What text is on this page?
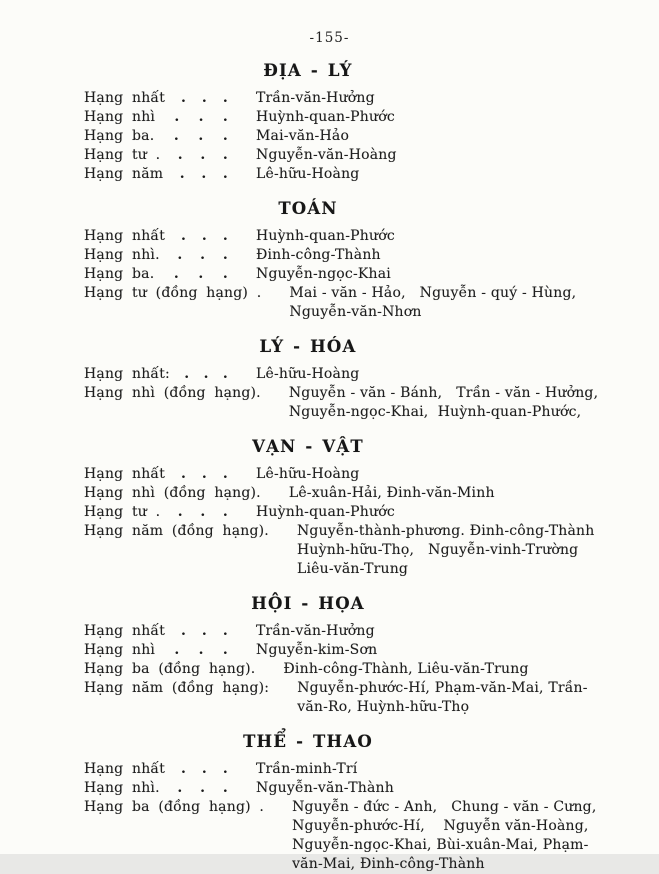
-155-
ĐỊA - LÝ
Hạng nhất . . . Trần-văn-Hưởng
Hạng nhì . . . Huỳnh-quan-Phước
Hạng ba. . . . Mai-văn-Hảo
Hạng tư . . . . Nguyễn-văn-Hoàng
Hạng năm . . . Lê-hữu-Hoàng
TOÁN
Hạng nhất . . . Huỳnh-quan-Phước
Hạng nhì. . . . Đinh-công-Thành
Hạng ba. . . . Nguyễn-ngọc-Khai
Hạng tư (đồng hạng) . Mai - văn - Hảo,   Nguyễn - quý - Hùng,
Nguyễn-văn-Nhơn
LÝ - HÓA
Hạng nhất: . . . Lê-hữu-Hoàng
Hạng nhì (đồng hạng). Nguyễn - văn - Bánh,   Trần - văn - Hưởng,
Nguyễn-ngọc-Khai,  Huỳnh-quan-Phước,
VẠN - VẬT
Hạng nhất . . . Lê-hữu-Hoàng
Hạng nhì (đồng hạng). Lê-xuân-Hải, Đinh-văn-Minh
Hạng tư . . . . Huỳnh-quan-Phước
Hạng năm (đồng hạng). Nguyễn-thành-phương. Đinh-công-Thành
Huỳnh-hữu-Thọ,   Nguyễn-vinh-Trường
Liêu-văn-Trung
HỘI - HỌA
Hạng nhất . . . Trần-văn-Hưởng
Hạng nhì . . . Nguyễn-kim-Sơn
Hạng ba (đồng hạng). Đinh-công-Thành, Liêu-văn-Trung
Hạng năm (đồng hạng): Nguyễn-phước-Hí, Phạm-văn-Mai, Trần-
văn-Ro, Huỳnh-hữu-Thọ
THỂ - THAO
Hạng nhất . . . Trần-minh-Trí
Hạng nhì. . . . Nguyễn-văn-Thành
Hạng ba (đồng hạng) . Nguyễn - đức - Anh,   Chung - văn - Cưng,
Nguyễn-phước-Hí,    Nguyễn văn-Hoàng,
Nguyễn-ngọc-Khai, Bùi-xuân-Mai, Phạm-
văn-Mai, Đinh-công-Thành
